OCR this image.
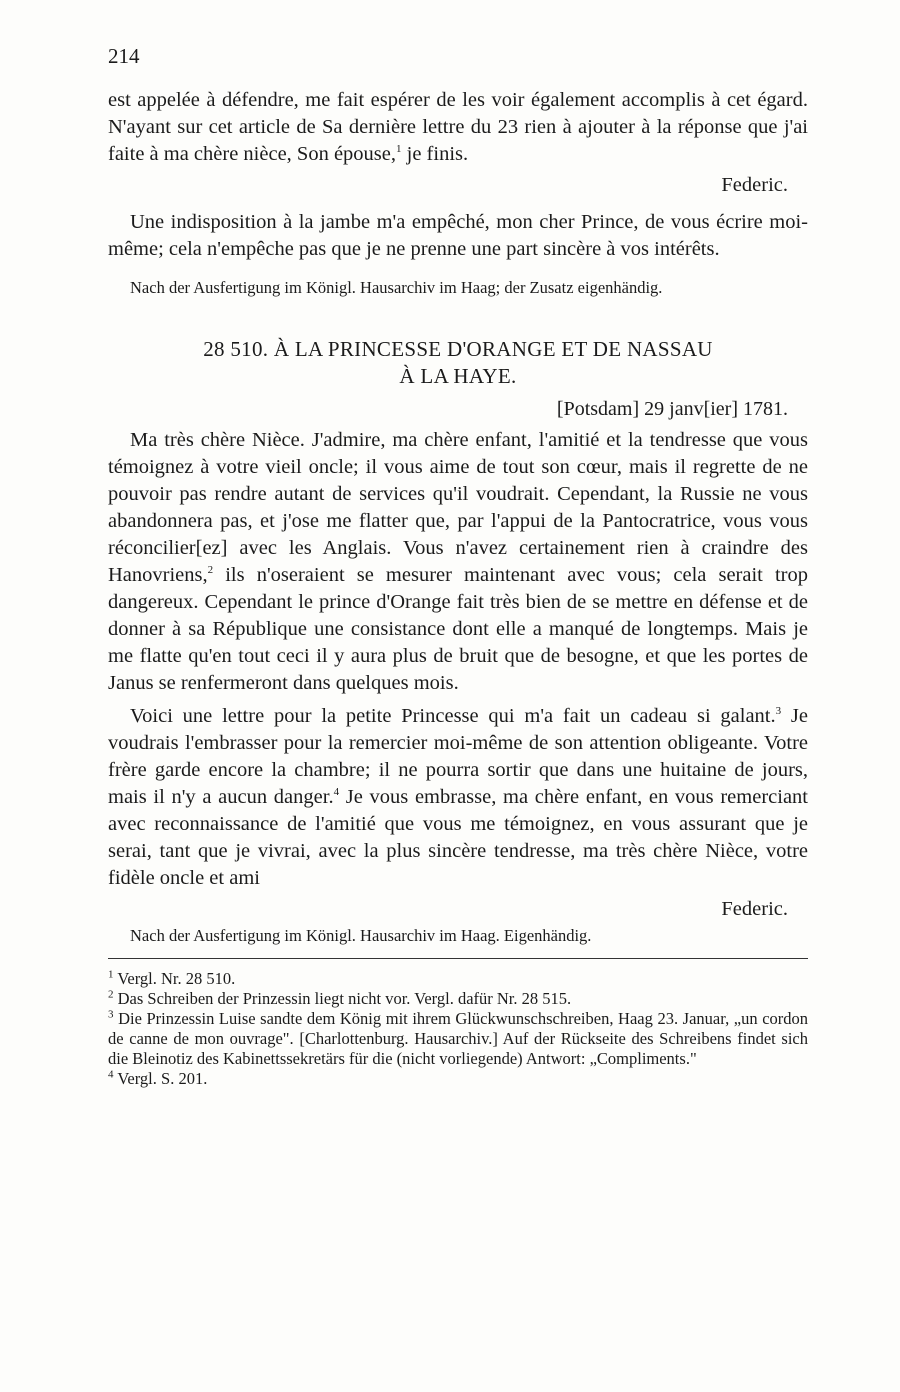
214

est appelée à défendre, me fait espérer de les voir également accomplis à cet égard. N'ayant sur cet article de Sa dernière lettre du 23 rien à ajouter à la réponse que j'ai faite à ma chère nièce, Son épouse,$^1$ je finis.

Federic.

Une indisposition à la jambe m'a empêché, mon cher Prince, de vous écrire moi-même; cela n'empêche pas que je ne prenne une part sincère à vos intérêts.

Nach der Ausfertigung im Königl. Hausarchiv im Haag; der Zusatz eigenhändig.

28 510. À LA PRINCESSE D'ORANGE ET DE NASSAU
À LA HAYE.
[Potsdam] 29 janv[ier] 1781.

Ma très chère Nièce. J'admire, ma chère enfant, l'amitié et la tendresse que vous témoignez à votre vieil oncle; il vous aime de tout son cœur, mais il regrette de ne pouvoir pas rendre autant de services qu'il voudrait. Cependant, la Russie ne vous abandonnera pas, et j'ose me flatter que, par l'appui de la Pantocratrice, vous vous réconcilier[ez] avec les Anglais. Vous n'avez certainement rien à craindre des Hanovriens,$^2$ ils n'oseraient se mesurer maintenant avec vous; cela serait trop dangereux. Cependant le prince d'Orange fait très bien de se mettre en défense et de donner à sa République une consistance dont elle a manqué de longtemps. Mais je me flatte qu'en tout ceci il y aura plus de bruit que de besogne, et que les portes de Janus se renfermeront dans quelques mois.

Voici une lettre pour la petite Princesse qui m'a fait un cadeau si galant.$^3$ Je voudrais l'embrasser pour la remercier moi-même de son attention obligeante. Votre frère garde encore la chambre; il ne pourra sortir que dans une huitaine de jours, mais il n'y a aucun danger.$^4$ Je vous embrasse, ma chère enfant, en vous remerciant avec reconnaissance de l'amitié que vous me témoignez, en vous assurant que je serai, tant que je vivrai, avec la plus sincère tendresse, ma très chère Nièce, votre fidèle oncle et ami

Federic.

Nach der Ausfertigung im Königl. Hausarchiv im Haag. Eigenhändig.

$^1$ Vergl. Nr. 28 510.

$^2$ Das Schreiben der Prinzessin liegt nicht vor. Vergl. dafür Nr. 28 515.

$^3$ Die Prinzessin Luise sandte dem König mit ihrem Glückwunschschreiben, Haag 23. Januar, „un cordon de canne de mon ouvrage". [Charlottenburg. Hausarchiv.] Auf der Rückseite des Schreibens findet sich die Bleinotiz des Kabinettssekretärs für die (nicht vorliegende) Antwort: „Compliments."

$^4$ Vergl. S. 201.
